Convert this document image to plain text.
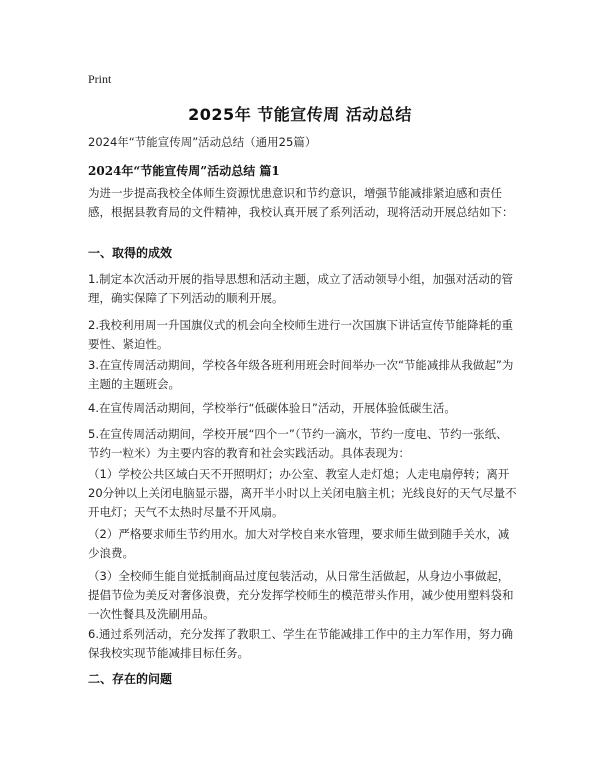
Print
2025年 节能宣传周 活动总结
2024年“节能宣传周”活动总结（通用25篇）
2024年“节能宣传周”活动总结 篇1

为进一步提高我校全体师生资源忧患意识和节约意识，增强节能减排紧迫感和责任感，根据县教育局的文件精神，我校认真开展了系列活动，现将活动开展总结如下：

一、取得的成效

1.制定本次活动开展的指导思想和活动主题，成立了活动领导小组，加强对活动的管理，确实保障了下列活动的顺利开展。

2.我校利用周一升国旗仪式的机会向全校师生进行一次国旗下讲话宣传节能降耗的重要性、紧迫性。

3.在宣传周活动期间，学校各年级各班利用班会时间举办一次“节能减排从我做起”为主题的主题班会。

4.在宣传周活动期间，学校举行“低碳体验日”活动，开展体验低碳生活。

5.在宣传周活动期间，学校开展“四个一”（节约一滴水，节约一度电、节约一张纸、节约一粒米）为主要内容的教育和社会实践活动。具体表现为：

（1）学校公共区域白天不开照明灯；办公室、教室人走灯熄；人走电扇停转；离开20分钟以上关闭电脑显示器，离开半小时以上关闭电脑主机；光线良好的天气尽量不开电灯；天气不太热时尽量不开风扇。

（2）严格要求师生节约用水。加大对学校自来水管理，要求师生做到随手关水，减少浪费。

（3）全校师生能自觉抵制商品过度包装活动，从日常生活做起，从身边小事做起，提倡节俭为美反对奢侈浪费，充分发挥学校师生的模范带头作用，减少使用塑料袋和一次性餐具及洗刷用品。

6.通过系列活动，充分发挥了教职工、学生在节能减排工作中的主力军作用，努力确保我校实现节能减排目标任务。

二、存在的问题
